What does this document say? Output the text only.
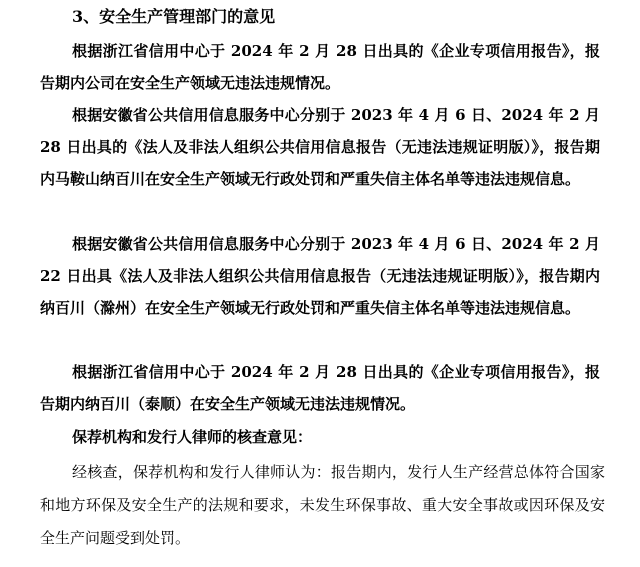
3、安全生产管理部门的意见

根据浙江省信用中心于 2024 年 2 月 28 日出具的《企业专项信用报告》，报告期内公司在安全生产领域无违法违规情况。

根据安徽省公共信用信息服务中心分别于 2023 年 4 月 6 日、2024 年 2 月 28 日出具的《法人及非法人组织公共信用信息报告（无违法违规证明版）》，报告期内马鞍山纳百川在安全生产领域无行政处罚和严重失信主体名单等违法违规信息。

根据安徽省公共信用信息服务中心分别于 2023 年 4 月 6 日、2024 年 2 月 22 日出具《法人及非法人组织公共信用信息报告（无违法违规证明版）》，报告期内纳百川（滁州）在安全生产领域无行政处罚和严重失信主体名单等违法违规信息。

根据浙江省信用中心于 2024 年 2 月 28 日出具的《企业专项信用报告》，报告期内纳百川（泰顺）在安全生产领域无违法违规情况。

保荐机构和发行人律师的核查意见：

经核查，保荐机构和发行人律师认为：报告期内，发行人生产经营总体符合国家和地方环保及安全生产的法规和要求，未发生环保事故、重大安全事故或因环保及安全生产问题受到处罚。
